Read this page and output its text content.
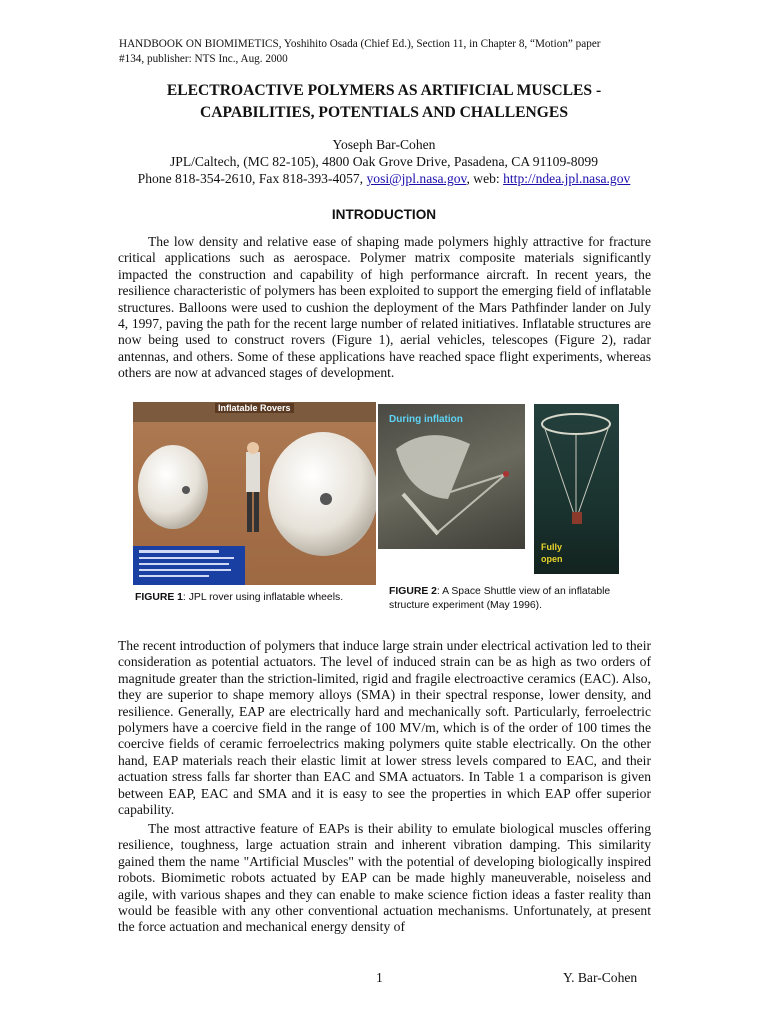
HANDBOOK ON BIOMIMETICS, Yoshihito Osada (Chief Ed.), Section 11, in Chapter 8, “Motion” paper
#134, publisher: NTS Inc., Aug. 2000
ELECTROACTIVE POLYMERS AS ARTIFICIAL MUSCLES -
CAPABILITIES, POTENTIALS AND CHALLENGES
Yoseph Bar-Cohen
JPL/Caltech, (MC 82-105), 4800 Oak Grove Drive, Pasadena, CA 91109-8099
Phone 818-354-2610, Fax 818-393-4057, yosi@jpl.nasa.gov, web: http://ndea.jpl.nasa.gov
INTRODUCTION

The low density and relative ease of shaping made polymers highly attractive for fracture critical applications such as aerospace. Polymer matrix composite materials significantly impacted the construction and capability of high performance aircraft. In recent years, the resilience characteristic of polymers has been exploited to support the emerging field of inflatable structures. Balloons were used to cushion the deployment of the Mars Pathfinder lander on July 4, 1997, paving the path for the recent large number of related initiatives. Inflatable structures are now being used to construct rovers (Figure 1), aerial vehicles, telescopes (Figure 2), radar antennas, and others. Some of these applications have reached space flight experiments, whereas others are now at advanced stages of development.

Inflatable Rovers
During inflation
Fully open
FIGURE 1: JPL rover using inflatable wheels.
FIGURE 2: A Space Shuttle view of an inflatable structure experiment (May 1996).

The recent introduction of polymers that induce large strain under electrical activation led to their consideration as potential actuators. The level of induced strain can be as high as two orders of magnitude greater than the striction-limited, rigid and fragile electroactive ceramics (EAC). Also, they are superior to shape memory alloys (SMA) in their spectral response, lower density, and resilience. Generally, EAP are electrically hard and mechanically soft. Particularly, ferroelectric polymers have a coercive field in the range of 100 MV/m, which is of the order of 100 times the coercive fields of ceramic ferroelectrics making polymers quite stable electrically. On the other hand, EAP materials reach their elastic limit at lower stress levels compared to EAC, and their actuation stress falls far shorter than EAC and SMA actuators. In Table 1 a comparison is given between EAP, EAC and SMA and it is easy to see the properties in which EAP offer superior capability.

The most attractive feature of EAPs is their ability to emulate biological muscles offering resilience, toughness, large actuation strain and inherent vibration damping. This similarity gained them the name "Artificial Muscles" with the potential of developing biologically inspired robots. Biomimetic robots actuated by EAP can be made highly maneuverable, noiseless and agile, with various shapes and they can enable to make science fiction ideas a faster reality than would be feasible with any other conventional actuation mechanisms. Unfortunately, at present the force actuation and mechanical energy density of

1	Y. Bar-Cohen
